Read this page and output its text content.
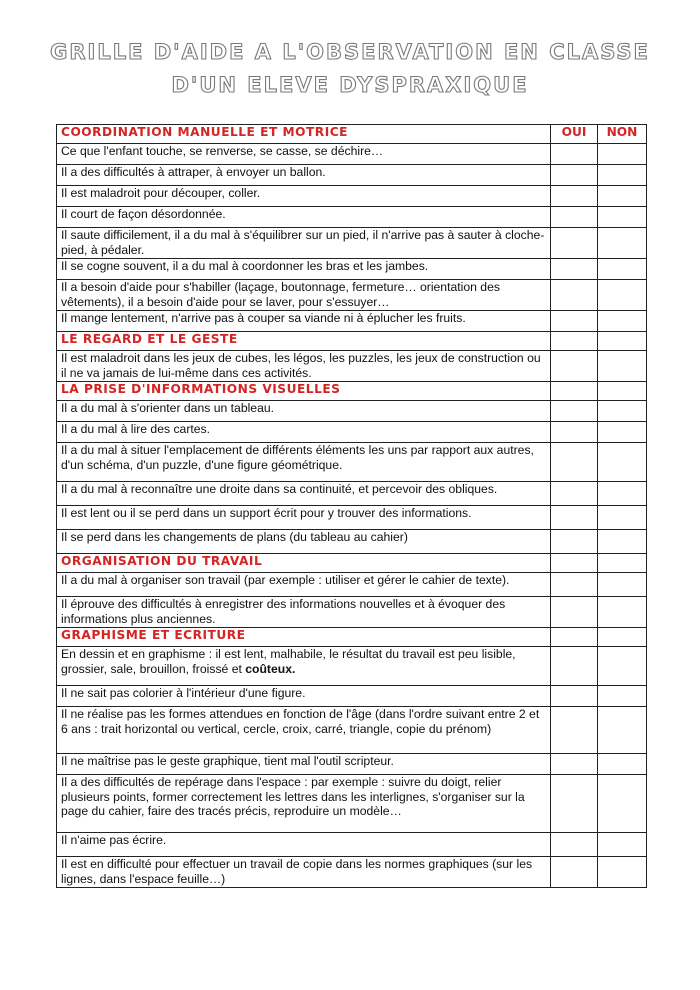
GRILLE D'AIDE A L'OBSERVATION EN CLASSE
D'UN ELEVE DYSPRAXIQUE
COORDINATION MANUELLE ET MOTRICE	OUI	NON
Ce que l'enfant touche, se renverse, se casse, se déchire…		
Il a des difficultés à attraper, à envoyer un ballon.		
Il est maladroit pour découper, coller.		
Il court de façon désordonnée.		
Il saute difficilement, il a du mal à s'équilibrer sur un pied, il n'arrive pas à sauter à cloche-pied, à pédaler.		
Il se cogne souvent, il a du mal à coordonner les bras et les jambes.		
Il a besoin d'aide pour s'habiller (laçage, boutonnage, fermeture… orientation des vêtements), il a besoin d'aide pour se laver, pour s'essuyer…		
Il mange lentement, n'arrive pas à couper sa viande ni à éplucher les fruits.		
LE REGARD ET LE GESTE		
Il est maladroit dans les jeux de cubes, les légos, les puzzles, les jeux de construction ou il ne va jamais de lui-même dans ces activités.		
LA PRISE D'INFORMATIONS VISUELLES		
Il a du mal à s'orienter dans un tableau.		
Il a du mal à lire des cartes.		
Il a du mal à situer l'emplacement de différents éléments les uns par rapport aux autres, d'un schéma, d'un puzzle, d'une figure géométrique.		
Il a du mal à reconnaître une droite dans sa continuité, et percevoir des obliques.		
Il est lent ou il se perd dans un support écrit pour y trouver des informations.		
Il se perd dans les changements de plans (du tableau au cahier)		
ORGANISATION DU TRAVAIL		
Il a du mal à organiser son travail (par exemple : utiliser et gérer le cahier de texte).		
Il éprouve des difficultés à enregistrer des informations nouvelles et à évoquer des informations plus anciennes.		
GRAPHISME ET ECRITURE		
En dessin et en graphisme : il est lent, malhabile, le résultat du travail est peu lisible, grossier, sale, brouillon, froissé et coûteux.		
Il ne sait pas colorier à l'intérieur d'une figure.		
Il ne réalise pas les formes attendues en fonction de l'âge (dans l'ordre suivant entre 2 et 6 ans : trait horizontal ou vertical, cercle, croix, carré, triangle, copie du prénom)		
Il ne maîtrise pas le geste graphique, tient mal l'outil scripteur.		
Il a des difficultés de repérage dans l'espace : par exemple : suivre du doigt, relier plusieurs points, former correctement les lettres dans les interlignes, s'organiser sur la page du cahier, faire des tracés précis, reproduire un modèle…		
Il n'aime pas écrire.		
Il est en difficulté pour effectuer un travail de copie dans les normes graphiques (sur les lignes, dans l'espace feuille…)		
